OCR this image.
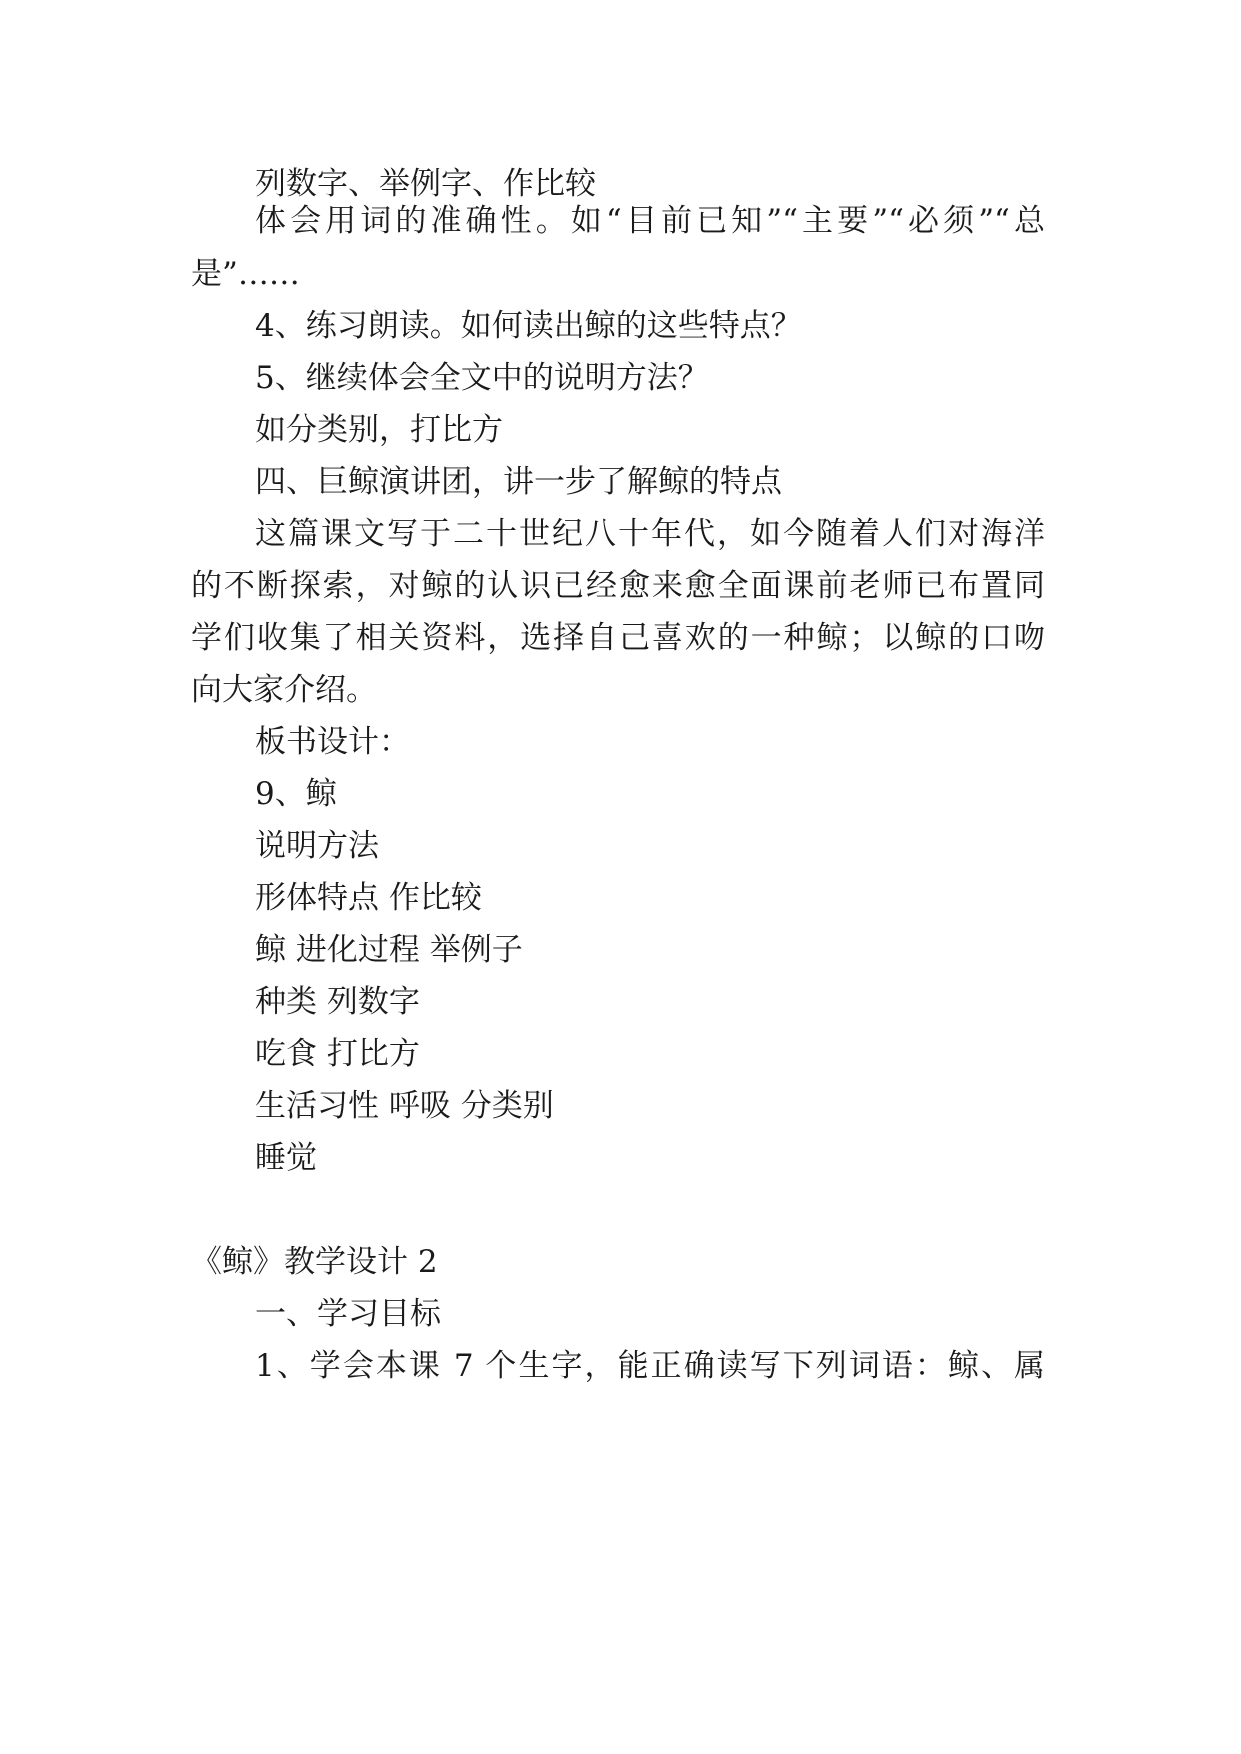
列数字、举例字、作比较
体会用词的准确性。如“目前已知”“主要”“必须”“总
是”……
4、练习朗读。如何读出鲸的这些特点？
5、继续体会全文中的说明方法？
如分类别，打比方
四、巨鲸演讲团，讲一步了解鲸的特点
这篇课文写于二十世纪八十年代，如今随着人们对海洋
的不断探索，对鲸的认识已经愈来愈全面课前老师已布置同
学们收集了相关资料，选择自己喜欢的一种鲸；以鲸的口吻
向大家介绍。
板书设计：
9、鲸
说明方法
形体特点 作比较
鲸 进化过程 举例子
种类 列数字
吃食 打比方
生活习性 呼吸 分类别
睡觉
《鲸》教学设计 2
一、学习目标
1、学会本课 7 个生字，能正确读写下列词语：鲸、属
